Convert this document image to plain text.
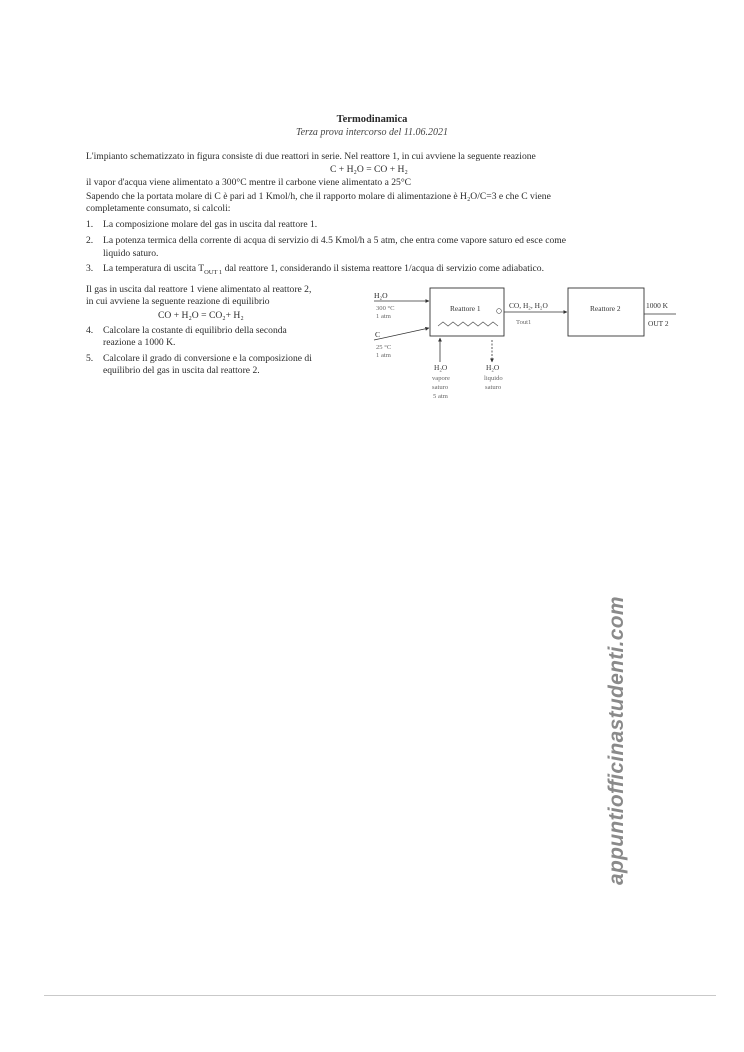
Termodinamica
Terza prova intercorso del 11.06.2021
L'impianto schematizzato in figura consiste di due reattori in serie. Nel reattore 1, in cui avviene la seguente reazione
C + H₂O = CO + H₂
il vapor d'acqua viene alimentato a 300°C mentre il carbone viene alimentato a 25°C
Sapendo che la portata molare di C è pari ad 1 Kmol/h, che il rapporto molare di alimentazione è H₂O/C=3 e che C viene
completamente consumato, si calcoli:
1. La composizione molare del gas in uscita dal reattore 1.
2. La potenza termica della corrente di acqua di servizio di 4.5 Kmol/h a 5 atm, che entra come vapore saturo ed esce come
liquido saturo.
3. La temperatura di uscita $T_{OUT 1}$ dal reattore 1, considerando il sistema reattore 1/acqua di servizio come adiabatico.
Il gas in uscita dal reattore 1 viene alimentato al reattore 2,
in cui avviene la seguente reazione di equilibrio
CO + H₂O = CO₂+ H₂
4. Calcolare la costante di equilibrio della seconda
reazione a 1000 K.
5. Calcolare il grado di conversione e la composizione di
equilibrio del gas in uscita dal reattore 2.
Reattore 1	Reattore 2
H₂O
300 °C
1 atm
C
25 °C
1 atm
CO, H₂, H₂O
Tout1
1000 K
OUT 2
H₂O
vapore
saturo
5 atm
H₂O
liquido
saturo
appuntiofficinastudenti.com
